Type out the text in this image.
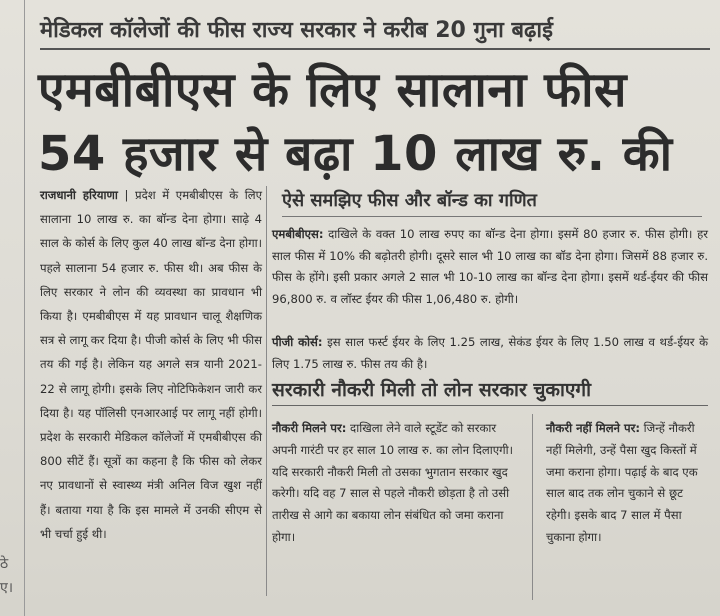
ठे
ए।
मेडिकल कॉलेजों की फीस राज्य सरकार ने करीब 20 गुना बढ़ाई
एमबीबीएस के लिए सालाना फीस
54 हजार से बढ़ा 10 लाख रु. की
राजधानी हरियाणा | प्रदेश में एमबीबीएस के लिए सालाना 10 लाख रु. का बॉन्ड देना होगा। साढ़े 4 साल के कोर्स के लिए कुल 40 लाख बॉन्ड देना होगा। पहले सालाना 54 हजार रु. फीस थी। अब फीस के लिए सरकार ने लोन की व्यवस्था का प्रावधान भी किया है। एमबीबीएस में यह प्रावधान चालू शैक्षणिक सत्र से लागू कर दिया है। पीजी कोर्स के लिए भी फीस तय की गई है। लेकिन यह अगले सत्र यानी 2021-22 से लागू होगी। इसके लिए नोटिफिकेशन जारी कर दिया है। यह पॉलिसी एनआरआई पर लागू नहीं होगी। प्रदेश के सरकारी मेडिकल कॉलेजों में एमबीबीएस की 800 सीटें हैं। सूत्रों का कहना है कि फीस को लेकर नए प्रावधानों से स्वास्थ्य मंत्री अनिल विज खुश नहीं हैं। बताया गया है कि इस मामले में उनकी सीएम से भी चर्चा हुई थी।
ऐसे समझिए फीस और बॉन्ड का गणित
एमबीबीएस: दाखिले के वक्त 10 लाख रुपए का बॉन्ड देना होगा। इसमें 80 हजार रु. फीस होगी। हर साल फीस में 10% की बढ़ोतरी होगी। दूसरे साल भी 10 लाख का बॉड देना होगा। जिसमें 88 हजार रु. फीस के होंगे। इसी प्रकार अगले 2 साल भी 10-10 लाख का बॉन्ड देना होगा। इसमें थर्ड-ईयर की फीस 96,800 रु. व लॉस्ट ईयर की फीस 1,06,480 रु. होगी।
पीजी कोर्स: इस साल फर्स्ट ईयर के लिए 1.25 लाख, सेकंड ईयर के लिए 1.50 लाख व थर्ड-ईयर के लिए 1.75 लाख रु. फीस तय की है।
सरकारी नौकरी मिली तो लोन सरकार चुकाएगी
नौकरी मिलने पर: दाखिला लेने वाले स्टूडेंट को सरकार अपनी गारंटी पर हर साल 10 लाख रु. का लोन दिलाएगी। यदि सरकारी नौकरी मिली तो उसका भुगतान सरकार खुद करेगी। यदि वह 7 साल से पहले नौकरी छोड़ता है तो उसी तारीख से आगे का बकाया लोन संबंधित को जमा कराना होगा।
नौकरी नहीं मिलने पर: जिन्हें नौकरी नहीं मिलेगी, उन्हें पैसा खुद किस्तों में जमा कराना होगा। पढ़ाई के बाद एक साल बाद तक लोन चुकाने से छूट रहेगी। इसके बाद 7 साल में पैसा चुकाना होगा।
